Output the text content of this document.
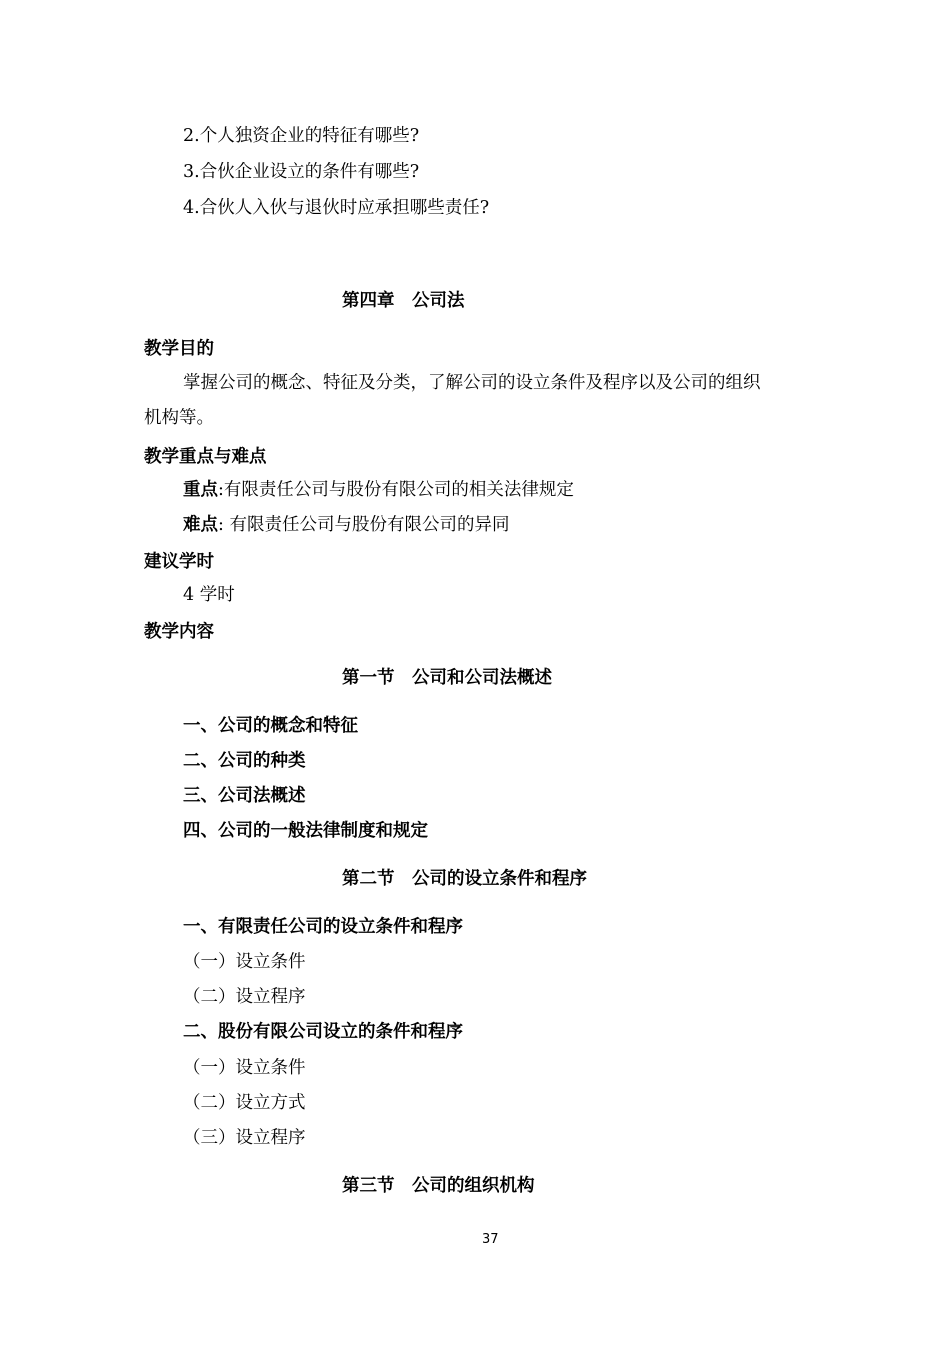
2.个人独资企业的特征有哪些?
3.合伙企业设立的条件有哪些?
4.合伙人入伙与退伙时应承担哪些责任?
第四章　公司法
教学目的
掌握公司的概念、特征及分类，了解公司的设立条件及程序以及公司的组织
机构等。
教学重点与难点
重点:有限责任公司与股份有限公司的相关法律规定
难点: 有限责任公司与股份有限公司的异同
建议学时
4 学时
教学内容
第一节　公司和公司法概述
一、公司的概念和特征
二、公司的种类
三、公司法概述
四、公司的一般法律制度和规定
第二节　公司的设立条件和程序
一、有限责任公司的设立条件和程序
（一）设立条件
（二）设立程序
二、股份有限公司设立的条件和程序
（一）设立条件
（二）设立方式
（三）设立程序
第三节　公司的组织机构
37
